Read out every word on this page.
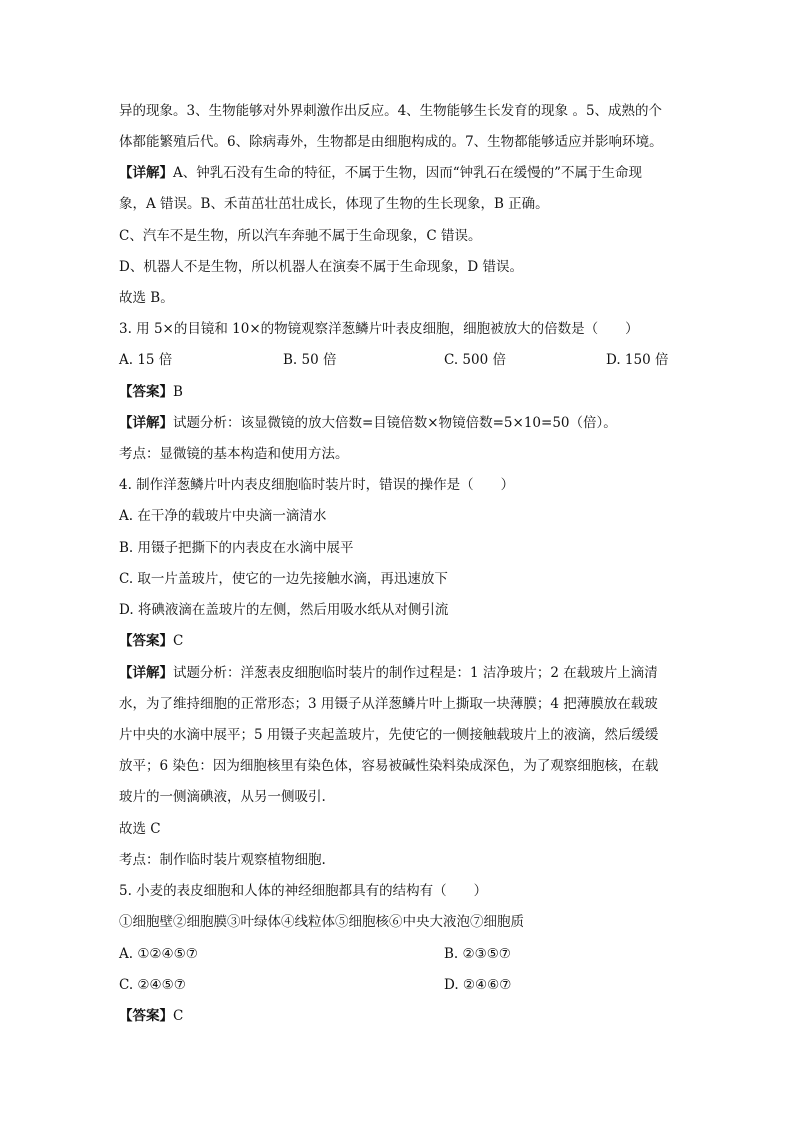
异的现象。3、生物能够对外界刺激作出反应。4、生物能够生长发育的现象 。5、成熟的个
体都能繁殖后代。6、除病毒外，生物都是由细胞构成的。7、生物都能够适应并影响环境。
【详解】A、钟乳石没有生命的特征，不属于生物，因而“钟乳石在缓慢的”不属于生命现
象，A 错误。B、禾苗茁壮茁壮成长，体现了生物的生长现象，B 正确。
C、汽车不是生物，所以汽车奔驰不属于生命现象，C 错误。
D、机器人不是生物，所以机器人在演奏不属于生命现象，D 错误。
故选 B。
3. 用 5×的目镜和 10×的物镜观察洋葱鳞片叶表皮细胞，细胞被放大的倍数是（　　）
A. 15 倍	B. 50 倍	C. 500 倍	D. 150 倍
【答案】B
【详解】试题分析：该显微镜的放大倍数=目镜倍数×物镜倍数=5×10=50（倍）。
考点：显微镜的基本构造和使用方法。
4. 制作洋葱鳞片叶内表皮细胞临时装片时，错误的操作是（　　）
A. 在干净的载玻片中央滴一滴清水
B. 用镊子把撕下的内表皮在水滴中展平
C. 取一片盖玻片，使它的一边先接触水滴，再迅速放下
D. 将碘液滴在盖玻片的左侧，然后用吸水纸从对侧引流
【答案】C
【详解】试题分析：洋葱表皮细胞临时装片的制作过程是：1 洁净玻片；2 在载玻片上滴清
水，为了维持细胞的正常形态；3 用镊子从洋葱鳞片叶上撕取一块薄膜；4 把薄膜放在载玻
片中央的水滴中展平；5 用镊子夹起盖玻片，先使它的一侧接触载玻片上的液滴，然后缓缓
放平；6 染色：因为细胞核里有染色体，容易被碱性染料染成深色，为了观察细胞核，在载
玻片的一侧滴碘液，从另一侧吸引.
故选 C
考点：制作临时装片观察植物细胞.
5. 小麦的表皮细胞和人体的神经细胞都具有的结构有（　　）
①细胞壁②细胞膜③叶绿体④线粒体⑤细胞核⑥中央大液泡⑦细胞质
A. ①②④⑤⑦	B. ②③⑤⑦
C. ②④⑤⑦	D. ②④⑥⑦
【答案】C
